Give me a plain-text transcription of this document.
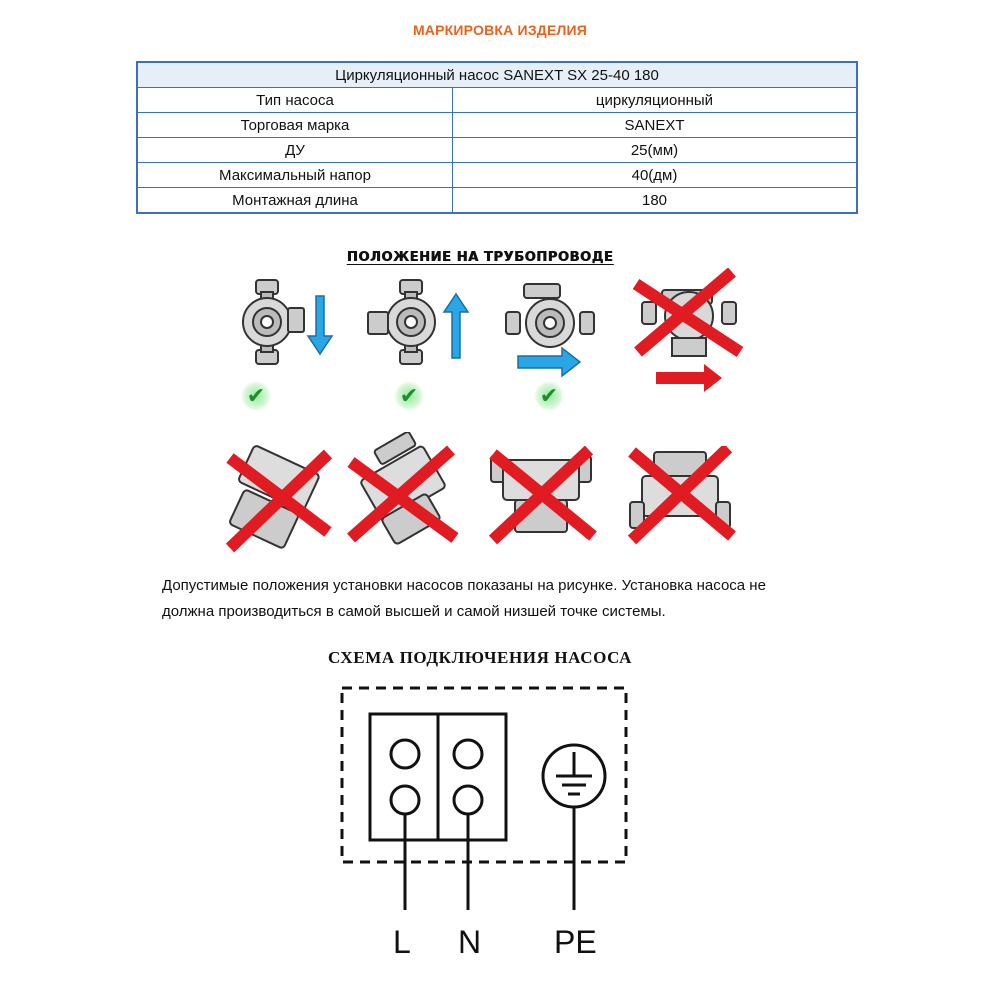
МАРКИРОВКА ИЗДЕЛИЯ
Циркуляционный насос SANEXT SX 25-40 180	
Тип насоса	циркуляционный
Торговая марка	SANEXT
ДУ	25(мм)
Максимальный напор	40(дм)
Монтажная длина	180
ПОЛОЖЕНИЕ НА ТРУБОПРОВОДЕ
✔	✔	✔
Допустимые положения установки насосов показаны на рисунке. Установка насоса не
должна производиться в самой высшей и самой низшей точке системы.
СХЕМА ПОДКЛЮЧЕНИЯ НАСОСА
L N PE
